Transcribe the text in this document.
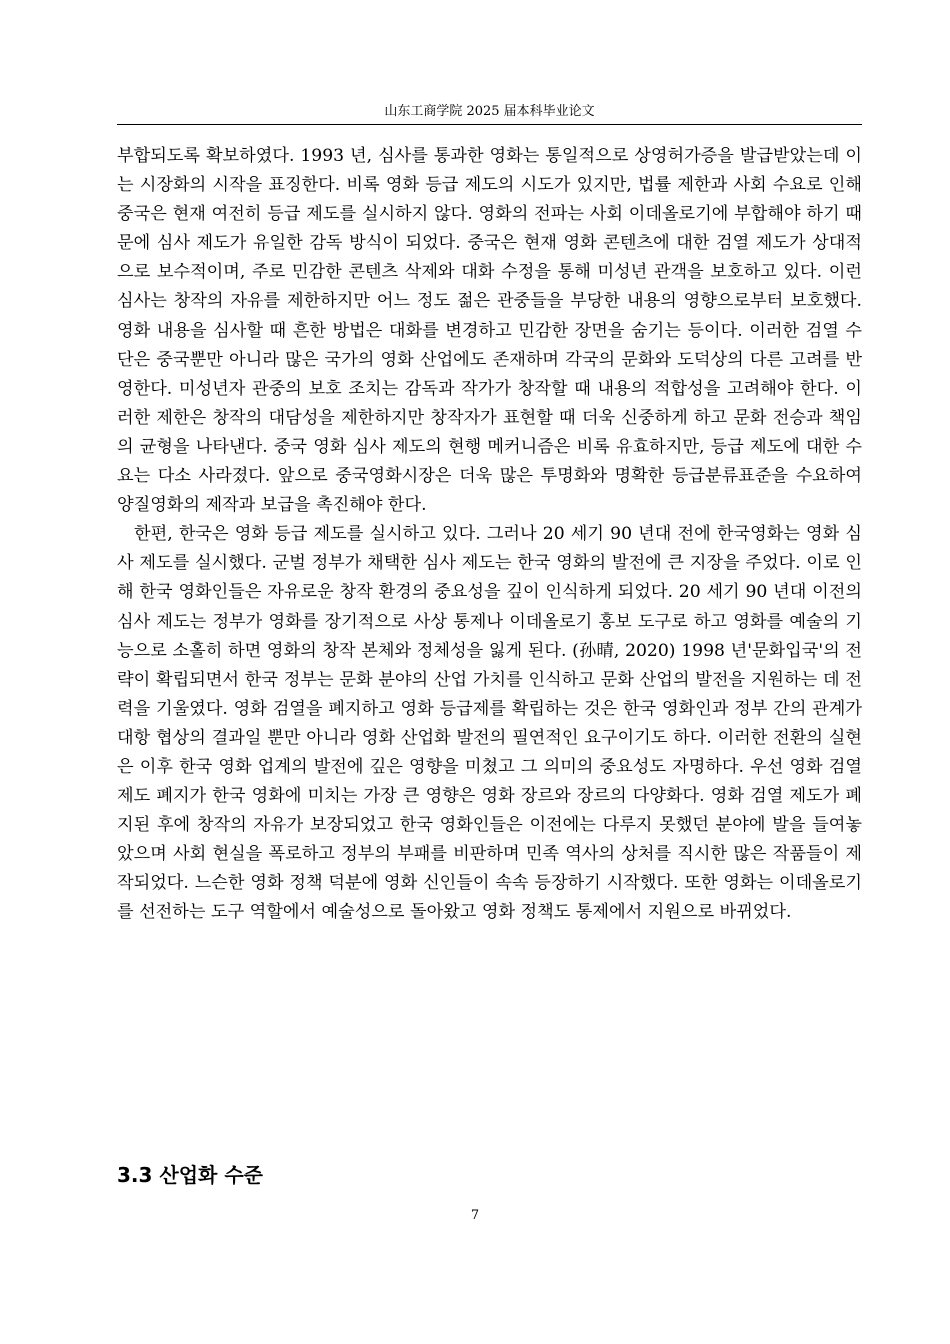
山东工商学院 2025 届本科毕业论文

부합되도록 확보하였다. 1993 년, 심사를 통과한 영화는 통일적으로 상영허가증을 발급받았는데 이는 시장화의 시작을 표징한다. 비록 영화 등급 제도의 시도가 있지만, 법률 제한과 사회 수요로 인해 중국은 현재 여전히 등급 제도를 실시하지 않다. 영화의 전파는 사회 이데올로기에 부합해야 하기 때문에 심사 제도가 유일한 감독 방식이 되었다. 중국은 현재 영화 콘텐츠에 대한 검열 제도가 상대적으로 보수적이며, 주로 민감한 콘텐츠 삭제와 대화 수정을 통해 미성년 관객을 보호하고 있다. 이런 심사는 창작의 자유를 제한하지만 어느 정도 젊은 관중들을 부당한 내용의 영향으로부터 보호했다. 영화 내용을 심사할 때 흔한 방법은 대화를 변경하고 민감한 장면을 숨기는 등이다. 이러한 검열 수단은 중국뿐만 아니라 많은 국가의 영화 산업에도 존재하며 각국의 문화와 도덕상의 다른 고려를 반영한다. 미성년자 관중의 보호 조치는 감독과 작가가 창작할 때 내용의 적합성을 고려해야 한다. 이러한 제한은 창작의 대담성을 제한하지만 창작자가 표현할 때 더욱 신중하게 하고 문화 전승과 책임의 균형을 나타낸다. 중국 영화 심사 제도의 현행 메커니즘은 비록 유효하지만, 등급 제도에 대한 수요는 다소 사라졌다. 앞으로 중국영화시장은 더욱 많은 투명화와 명확한 등급분류표준을 수요하여 양질영화의 제작과 보급을 촉진해야 한다.

한편, 한국은 영화 등급 제도를 실시하고 있다. 그러나 20 세기 90 년대 전에 한국영화는 영화 심사 제도를 실시했다. 군벌 정부가 채택한 심사 제도는 한국 영화의 발전에 큰 지장을 주었다. 이로 인해 한국 영화인들은 자유로운 창작 환경의 중요성을 깊이 인식하게 되었다. 20 세기 90 년대 이전의 심사 제도는 정부가 영화를 장기적으로 사상 통제나 이데올로기 홍보 도구로 하고 영화를 예술의 기능으로 소홀히 하면 영화의 창작 본체와 정체성을 잃게 된다. (孙晴, 2020) 1998 년'문화입국'의 전략이 확립되면서 한국 정부는 문화 분야의 산업 가치를 인식하고 문화 산업의 발전을 지원하는 데 전력을 기울였다. 영화 검열을 폐지하고 영화 등급제를 확립하는 것은 한국 영화인과 정부 간의 관계가 대항 협상의 결과일 뿐만 아니라 영화 산업화 발전의 필연적인 요구이기도 하다. 이러한 전환의 실현은 이후 한국 영화 업계의 발전에 깊은 영향을 미쳤고 그 의미의 중요성도 자명하다. 우선 영화 검열 제도 폐지가 한국 영화에 미치는 가장 큰 영향은 영화 장르와 장르의 다양화다. 영화 검열 제도가 폐지된 후에 창작의 자유가 보장되었고 한국 영화인들은 이전에는 다루지 못했던 분야에 발을 들여놓았으며 사회 현실을 폭로하고 정부의 부패를 비판하며 민족 역사의 상처를 직시한 많은 작품들이 제작되었다. 느슨한 영화 정책 덕분에 영화 신인들이 속속 등장하기 시작했다. 또한 영화는 이데올로기를 선전하는 도구 역할에서 예술성으로 돌아왔고 영화 정책도 통제에서 지원으로 바뀌었다.

3.3 산업화 수준
7
